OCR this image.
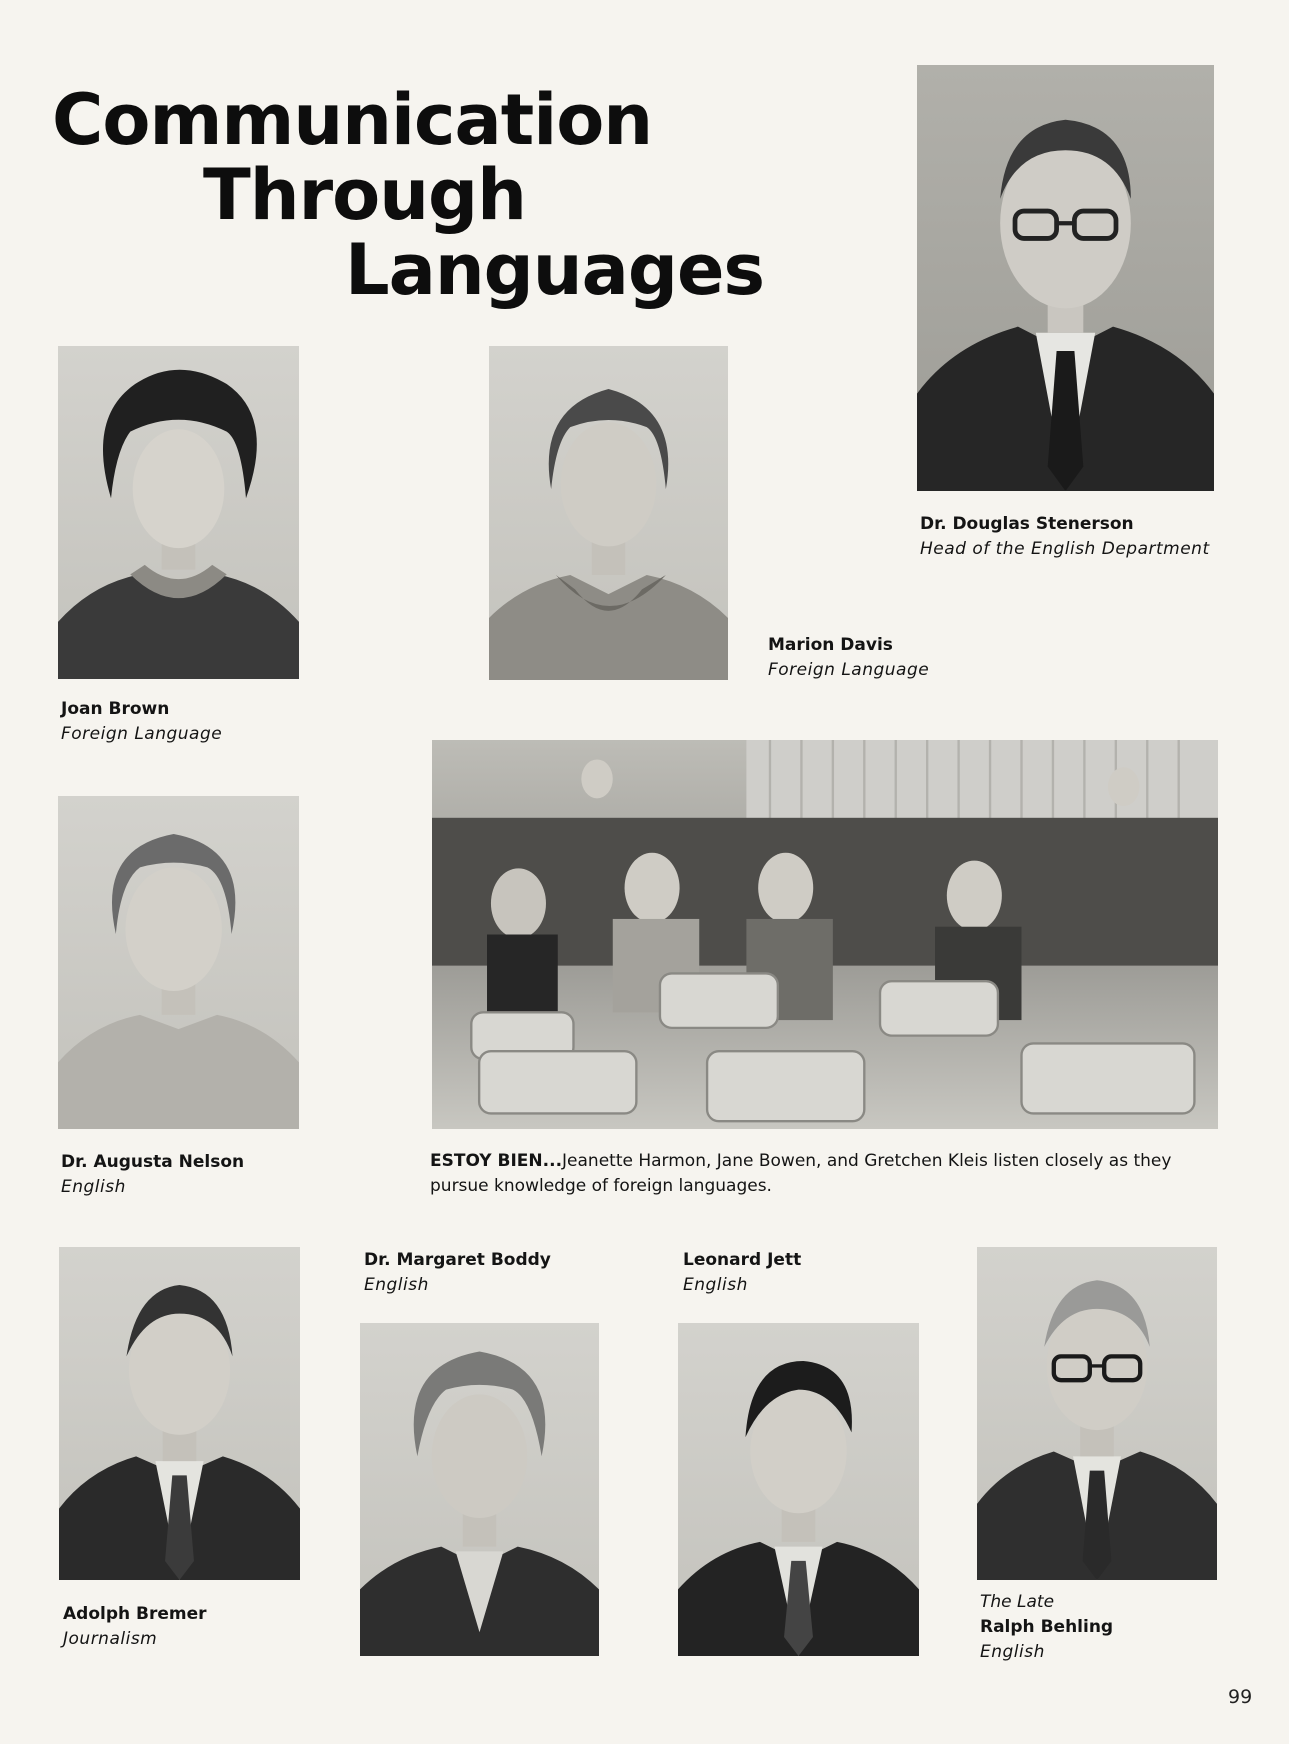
Communication
Through
Languages
Dr. Douglas Stenerson
Head of the English Department
Joan Brown
Foreign Language
Marion Davis
Foreign Language
Dr. Augusta Nelson
English
ESTOY BIEN...Jeanette Harmon, Jane Bowen, and Gretchen Kleis listen closely as they pursue knowledge of foreign languages.
Adolph Bremer
Journalism
Dr. Margaret Boddy
English
Leonard Jett
English
The Late
Ralph Behling
English
99
